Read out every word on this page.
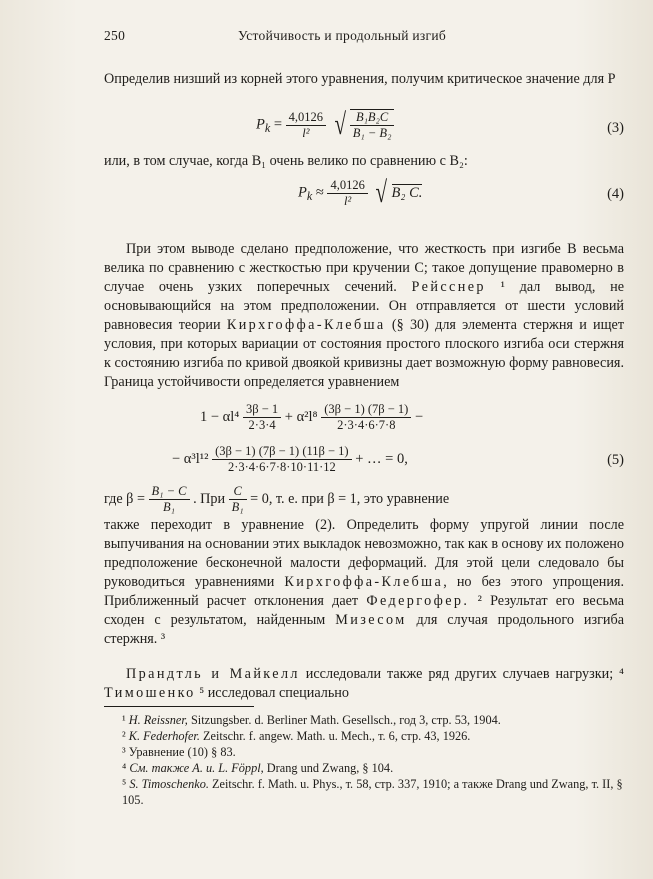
250	Устойчивость и продольный изгиб
Определив низший из корней этого уравнения, получим критическое значение для P
$P_k = \frac{4,0126}{\text{l²}}$ √ $\frac{\text{B₁B₂C}}{\text{B₁ − B₂}}$	(3)
или, в том случае, когда B₁ очень велико по сравнению с B₂:
$P_k \approx \frac{4,0126}{\text{l²}}$ √ B₂ C.	(4)
При этом выводе сделано предположение, что жесткость при изгибе B весьма велика по сравнению с жесткостью при кручении C; такое допущение правомерно в случае очень узких поперечных сечений. Рейсснер ¹ дал вывод, не основывающийся на этом предположении. Он отправляется от шести условий равновесия теории Кирхгоффа-Клебша (§ 30) для элемента стержня и ищет условия, при которых вариации от состояния простого плоского изгиба оси стержня к состоянию изгиба по кривой двоякой кривизны дает возможную форму равновесия. Граница устойчивости определяется уравнением
$1 - \alpha l^4 \frac{3\beta - 1}{2\cdot 3\cdot 4} + \alpha^2l^8 \frac{(3\beta - 1) (7\beta - 1)}{2\cdot 3\cdot 4\cdot 6\cdot 7\cdot 8}$ −
− $\alpha^3l^{12} \frac{(3\beta - 1) (7\beta - 1) (11\beta - 1)}{2\cdot 3\cdot 4\cdot 6\cdot 7\cdot 8\cdot 10\cdot 11\cdot 12}$ + … = 0,	(5)
где $\beta = \frac{\text{B₁ − C}}{\text{B₁}}$ . При $\frac{C}{\text{B₁}} = 0$, т. е. при β = 1, это уравнение
также переходит в уравнение (2). Определить форму упругой линии после выпучивания на основании этих выкладок невозможно, так как в основу их положено предположение бесконечной малости деформаций. Для этой цели следовало бы руководиться уравнениями Кирхгоффа-Клебша, но без этого упрощения. Приближенный расчет отклонения дает Федергофер. ² Результат его весьма сходен с результатом, найденным Мизесом для случая продольного изгиба стержня. ³
Прандтль и Майкелл исследовали также ряд других случаев нагрузки; ⁴ Тимошенко ⁵ исследовал специально
¹ H. Reissner, Sitzungsber. d. Berliner Math. Gesellsch., год 3, стр. 53, 1904.
² K. Federhofer. Zeitschr. f. angew. Math. u. Mech., т. 6, стр. 43, 1926.
³ Уравнение (10) § 83.
⁴ См. также A. u. L. Föppl, Drang und Zwang, § 104.
⁵ S. Timoschenko. Zeitschr. f. Math. u. Phys., т. 58, стр. 337, 1910; а также Drang und Zwang, т. II, § 105.
